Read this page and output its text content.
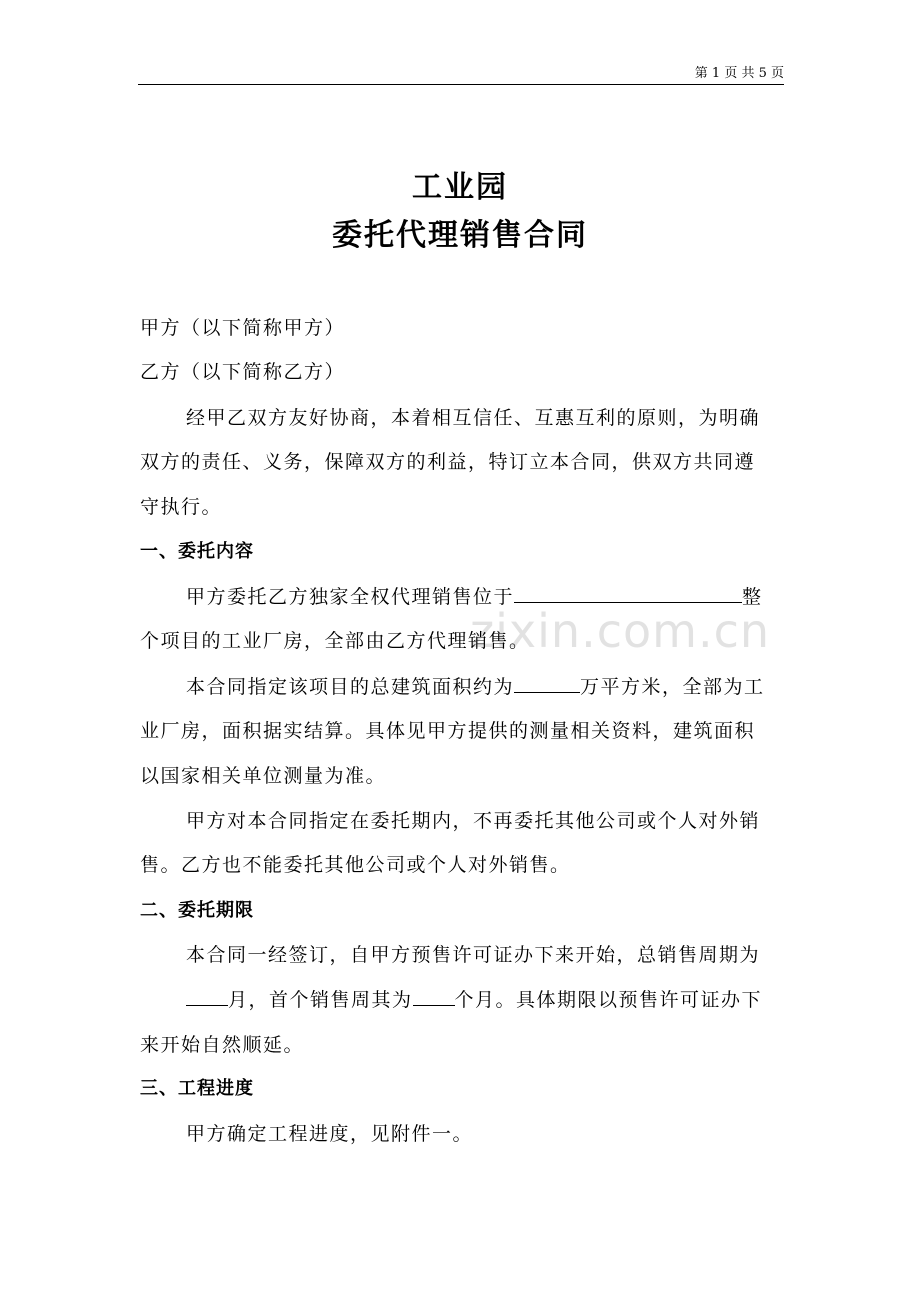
第 1 页 共 5 页
zixin.com.cn
工业园
委托代理销售合同
甲方（以下简称甲方）
乙方（以下简称乙方）
经甲乙双方友好协商，本着相互信任、互惠互利的原则，为明确
双方的责任、义务，保障双方的利益，特订立本合同，供双方共同遵
守执行。
一、委托内容
甲方委托乙方独家全权代理销售位于	整
个项目的工业厂房，全部由乙方代理销售。
本合同指定该项目的总建筑面积约为	万平方米，全部为工
业厂房，面积据实结算。具体见甲方提供的测量相关资料，建筑面积
以国家相关单位测量为准。
甲方对本合同指定在委托期内，不再委托其他公司或个人对外销
售。乙方也不能委托其他公司或个人对外销售。
二、委托期限
本合同一经签订，自甲方预售许可证办下来开始，总销售周期为
月，首个销售周其为 个月。具体期限以预售许可证办下
来开始自然顺延。
三、工程进度
甲方确定工程进度，见附件一。
